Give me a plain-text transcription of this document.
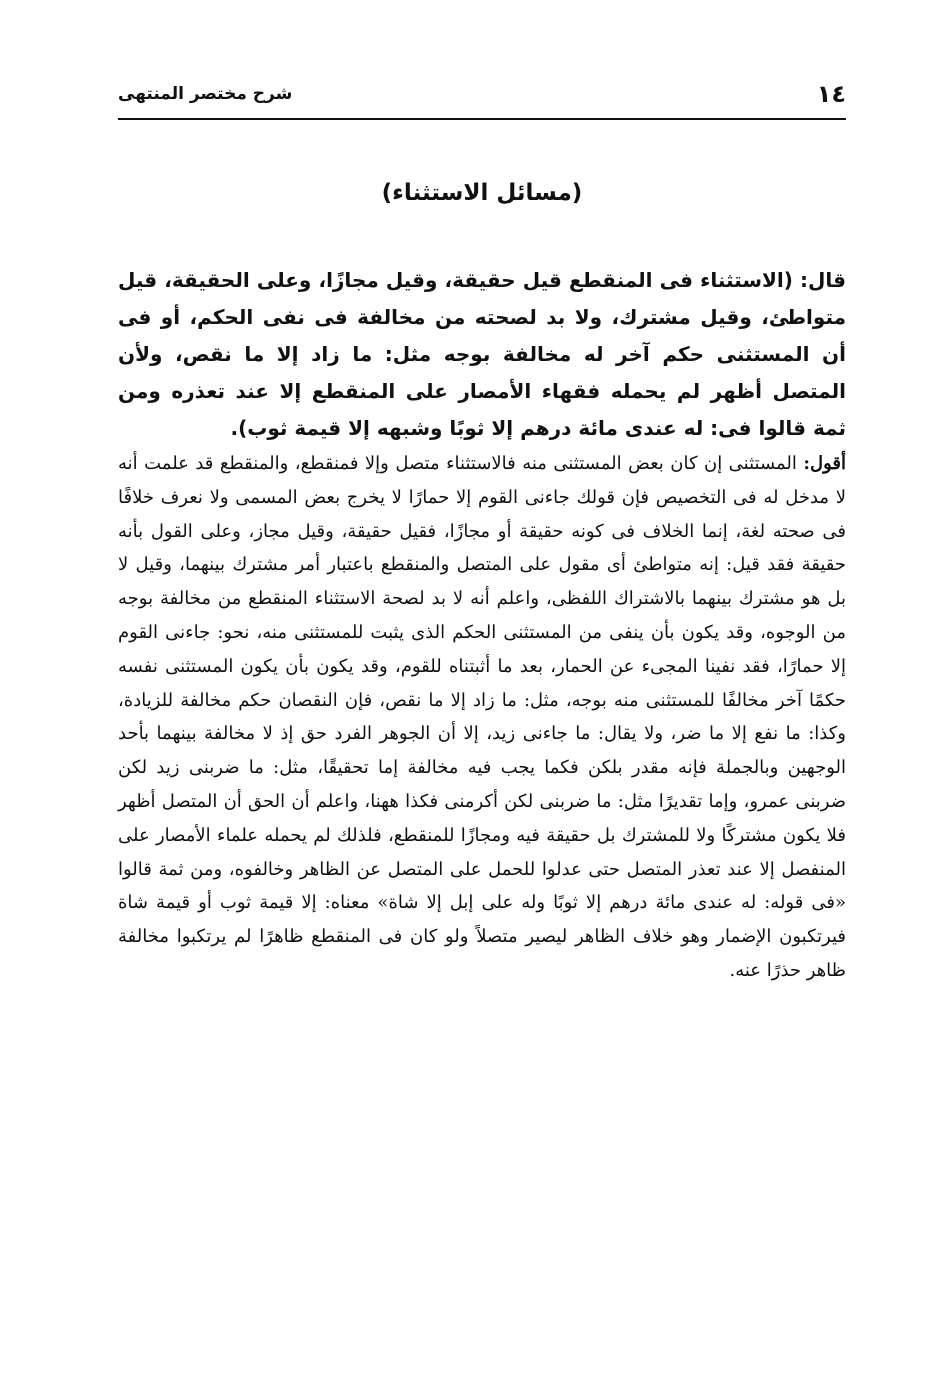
١٤
شرح مختصر المنتهى
(مسائل الاستثناء)

قال: (الاستثناء فى المنقطع قيل حقيقة، وقيل مجازًا، وعلى الحقيقة، قيل متواطئ، وقيل مشترك، ولا بد لصحته من مخالفة فى نفى الحكم، أو فى أن المستثنى حكم آخر له مخالفة بوجه مثل: ما زاد إلا ما نقص، ولأن المتصل أظهر لم يحمله فقهاء الأمصار على المنقطع إلا عند تعذره ومن ثمة قالوا فى: له عندى مائة درهم إلا ثوبًا وشبهه إلا قيمة ثوب).

أقول: المستثنى إن كان بعض المستثنى منه فالاستثناء متصل وإلا فمنقطع، والمنقطع قد علمت أنه لا مدخل له فى التخصيص فإن قولك جاءنى القوم إلا حمارًا لا يخرج بعض المسمى ولا نعرف خلافًا فى صحته لغة، إنما الخلاف فى كونه حقيقة أو مجازًا، فقيل حقيقة، وقيل مجاز، وعلى القول بأنه حقيقة فقد قيل: إنه متواطئ أى مقول على المتصل والمنقطع باعتبار أمر مشترك بينهما، وقيل لا بل هو مشترك بينهما بالاشتراك اللفظى، واعلم أنه لا بد لصحة الاستثناء المنقطع من مخالفة بوجه من الوجوه، وقد يكون بأن ينفى من المستثنى الحكم الذى يثبت للمستثنى منه، نحو: جاءنى القوم إلا حمارًا، فقد نفينا المجىء عن الحمار، بعد ما أثبتناه للقوم، وقد يكون بأن يكون المستثنى نفسه حكمًا آخر مخالفًا للمستثنى منه بوجه، مثل: ما زاد إلا ما نقص، فإن النقصان حكم مخالفة للزيادة، وكذا: ما نفع إلا ما ضر، ولا يقال: ما جاءنى زيد، إلا أن الجوهر الفرد حق إذ لا مخالفة بينهما بأحد الوجهين وبالجملة فإنه مقدر بلكن فكما يجب فيه مخالفة إما تحقيقًا، مثل: ما ضربنى زيد لكن ضربنى عمرو، وإما تقديرًا مثل: ما ضربنى لكن أكرمنى فكذا ههنا، واعلم أن الحق أن المتصل أظهر فلا يكون مشتركًا ولا للمشترك بل حقيقة فيه ومجازًا للمنقطع، فلذلك لم يحمله علماء الأمصار على المنفصل إلا عند تعذر المتصل حتى عدلوا للحمل على المتصل عن الظاهر وخالفوه، ومن ثمة قالوا «فى قوله: له عندى مائة درهم إلا ثوبًا وله على إبل إلا شاة» معناه: إلا قيمة ثوب أو قيمة شاة فيرتكبون الإضمار وهو خلاف الظاهر ليصير متصلاً ولو كان فى المنقطع ظاهرًا لم يرتكبوا مخالفة ظاهر حذرًا عنه.
